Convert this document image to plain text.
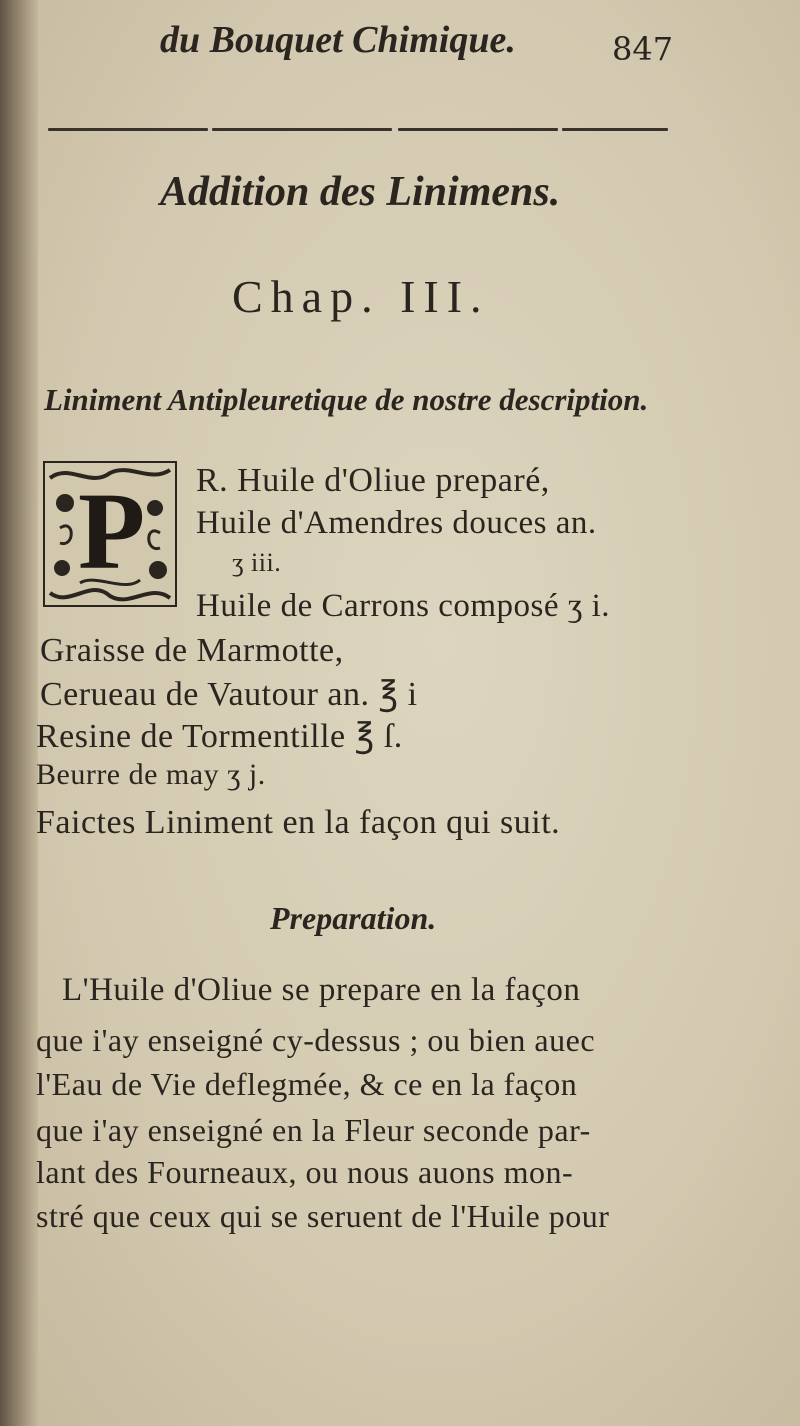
du Bouquet Chimique.	847
Addition des Linimens.
Chap. III.
Liniment Antipleuretique de nostre description.
P R. Huile d'Oliue preparé,
Huile d'Amendres douces an.
ʒ iii.
Huile de Carrons composé ʒ i.
Graisse de Marmotte,
Cerueau de Vautour an. ℥ i
Resine de Tormentille ℥ ſ.
Beurre de may ʒ j.
Faictes Liniment en la façon qui suit.
Preparation.
L'Huile d'Oliue se prepare en la façon
que i'ay enseigné cy-dessus ; ou bien auec
l'Eau de Vie deflegmée, & ce en la façon
que i'ay enseigné en la Fleur seconde par-
lant des Fourneaux, ou nous auons mon-
stré que ceux qui se seruent de l'Huile pour
